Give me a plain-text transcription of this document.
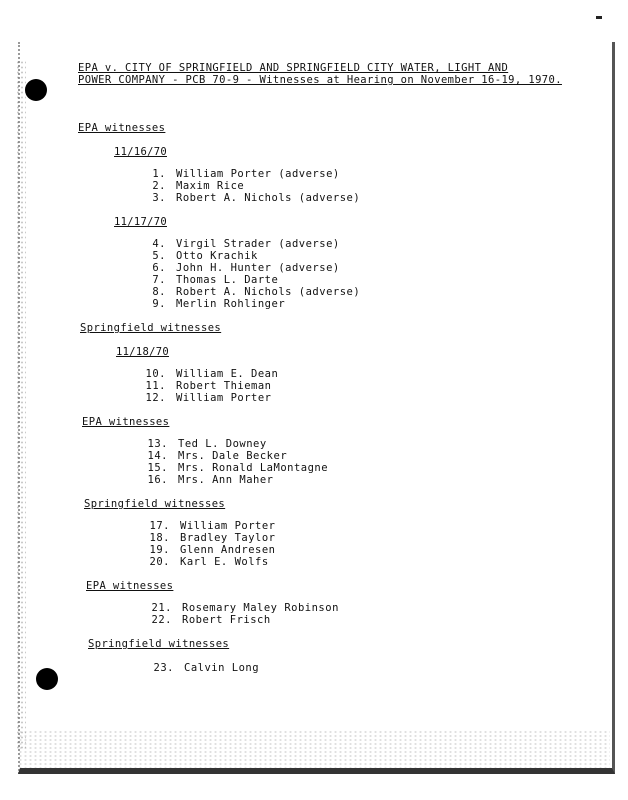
EPA v. CITY OF SPRINGFIELD AND SPRINGFIELD CITY WATER, LIGHT AND
POWER COMPANY - PCB 70-9 - Witnesses at Hearing on November 16-19, 1970.
EPA witnesses
11/16/70
1. William Porter (adverse)
2. Maxim Rice
3. Robert A. Nichols (adverse)
11/17/70
4. Virgil Strader (adverse)
5. Otto Krachik
6. John H. Hunter (adverse)
7. Thomas L. Darte
8. Robert A. Nichols (adverse)
9. Merlin Rohlinger
Springfield witnesses
11/18/70
10. William E. Dean
11. Robert Thieman
12. William Porter
EPA witnesses
13. Ted L. Downey
14. Mrs. Dale Becker
15. Mrs. Ronald LaMontagne
16. Mrs. Ann Maher
Springfield witnesses
17. William Porter
18. Bradley Taylor
19. Glenn Andresen
20. Karl E. Wolfs
EPA witnesses
21. Rosemary Maley Robinson
22. Robert Frisch
Springfield witnesses
23. Calvin Long
